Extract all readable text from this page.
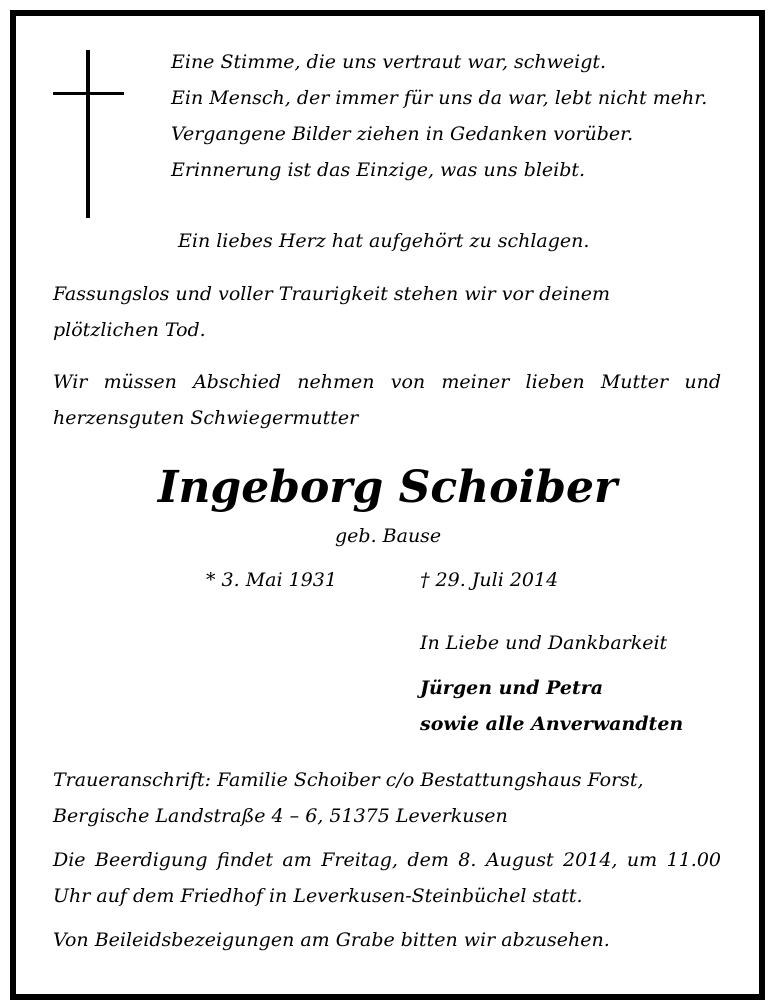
Eine Stimme, die uns vertraut war, schweigt.
Ein Mensch, der immer für uns da war, lebt nicht mehr.
Vergangene Bilder ziehen in Gedanken vorüber.
Erinnerung ist das Einzige, was uns bleibt.
Ein liebes Herz hat aufgehört zu schlagen.
Fassungslos und voller Traurigkeit stehen wir vor deinem plötzlichen Tod.
Wir müssen Abschied nehmen von meiner lieben Mutter und herzensguten Schwiegermutter
Ingeborg Schoiber
geb. Bause
* 3. Mai 1931	† 29. Juli 2014
In Liebe und Dankbarkeit
Jürgen und Petra
sowie alle Anverwandten
Traueranschrift: Familie Schoiber c/o Bestattungshaus Forst,
Bergische Landstraße 4 – 6, 51375 Leverkusen
Die Beerdigung findet am Freitag, dem 8. August 2014, um 11.00 Uhr auf dem Friedhof in Leverkusen-Steinbüchel statt.
Von Beileidsbezeigungen am Grabe bitten wir abzusehen.
